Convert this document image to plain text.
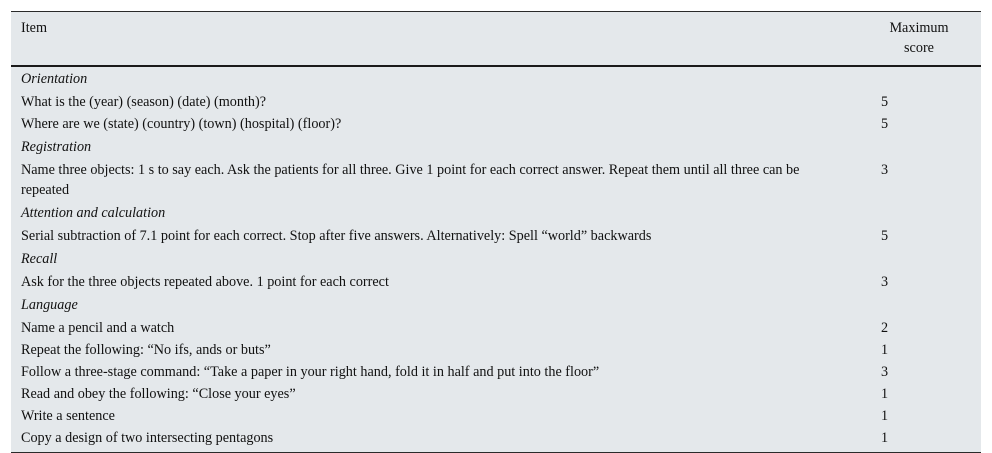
Item	Maximum
score
Orientation	
What is the (year) (season) (date) (month)?	5
Where are we (state) (country) (town) (hospital) (floor)?	5
Registration	
Name three objects: 1 s to say each. Ask the patients for all three. Give 1 point for each correct answer. Repeat them until all three can be repeated	3
Attention and calculation	
Serial subtraction of 7.1 point for each correct. Stop after five answers. Alternatively: Spell “world” backwards	5
Recall	
Ask for the three objects repeated above. 1 point for each correct	3
Language	
Name a pencil and a watch	2
Repeat the following: “No ifs, ands or buts”	1
Follow a three-stage command: “Take a paper in your right hand, fold it in half and put into the floor”	3
Read and obey the following: “Close your eyes”	1
Write a sentence	1
Copy a design of two intersecting pentagons	1
